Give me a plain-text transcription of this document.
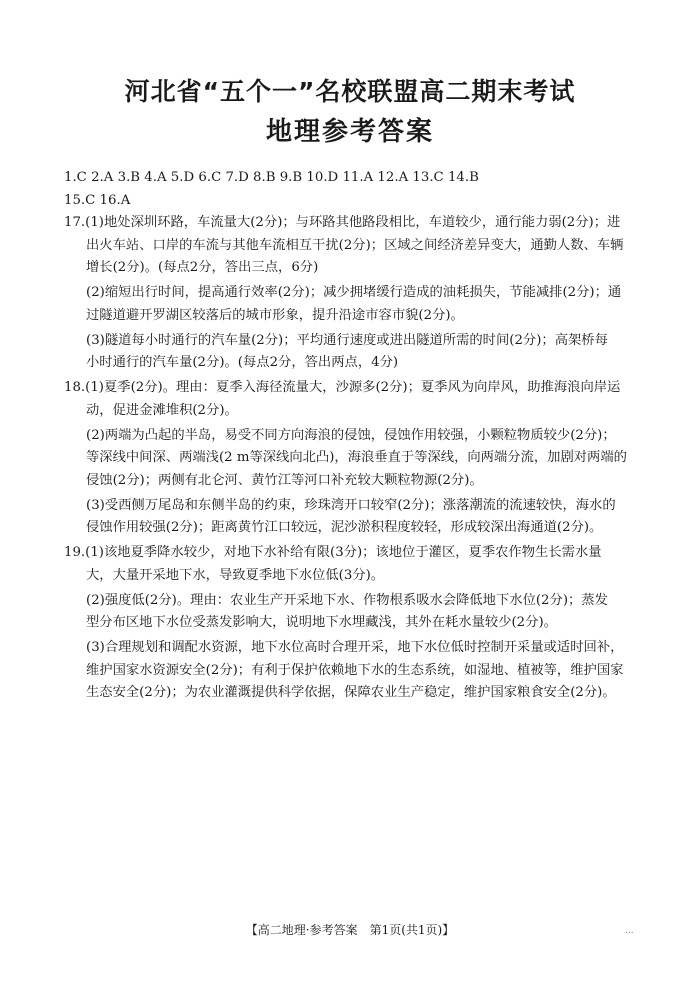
河北省“五个一”名校联盟高二期末考试
地理参考答案
1.C 2.A 3.B 4.A 5.D 6.C 7.D 8.B 9.B 10.D 11.A 12.A 13.C 14.B
15.C 16.A
17.(1)地处深圳环路，车流量大(2分)；与环路其他路段相比，车道较少，通行能力弱(2分)；进
出火车站、口岸的车流与其他车流相互干扰(2分)；区域之间经济差异变大，通勤人数、车辆
增长(2分)。(每点2分，答出三点，6分)
(2)缩短出行时间，提高通行效率(2分)；减少拥堵缓行造成的油耗损失，节能减排(2分)；通
过隧道避开罗湖区较落后的城市形象，提升沿途市容市貌(2分)。
(3)隧道每小时通行的汽车量(2分)；平均通行速度或进出隧道所需的时间(2分)；高架桥每
小时通行的汽车量(2分)。(每点2分，答出两点，4分)
18.(1)夏季(2分)。理由：夏季入海径流量大，沙源多(2分)；夏季风为向岸风，助推海浪向岸运
动，促进金滩堆积(2分)。
(2)两端为凸起的半岛，易受不同方向海浪的侵蚀，侵蚀作用较强，小颗粒物质较少(2分)；
等深线中间深、两端浅(2 m等深线向北凸)，海浪垂直于等深线，向两端分流，加剧对两端的
侵蚀(2分)；两侧有北仑河、黄竹江等河口补充较大颗粒物源(2分)。
(3)受西侧万尾岛和东侧半岛的约束，珍珠湾开口较窄(2分)；涨落潮流的流速较快，海水的
侵蚀作用较强(2分)；距离黄竹江口较远，泥沙淤积程度较轻，形成较深出海通道(2分)。
19.(1)该地夏季降水较少，对地下水补给有限(3分)；该地位于灌区，夏季农作物生长需水量
大，大量开采地下水，导致夏季地下水位低(3分)。
(2)强度低(2分)。理由：农业生产开采地下水、作物根系吸水会降低地下水位(2分)；蒸发
型分布区地下水位受蒸发影响大，说明地下水埋藏浅，其外在耗水量较少(2分)。
(3)合理规划和调配水资源，地下水位高时合理开采，地下水位低时控制开采量或适时回补，
维护国家水资源安全(2分)；有利于保护依赖地下水的生态系统，如湿地、植被等，维护国家
生态安全(2分)；为农业灌溉提供科学依据，保障农业生产稳定，维护国家粮食安全(2分)。
【高二地理·参考答案　第1页(共1页)】	...
